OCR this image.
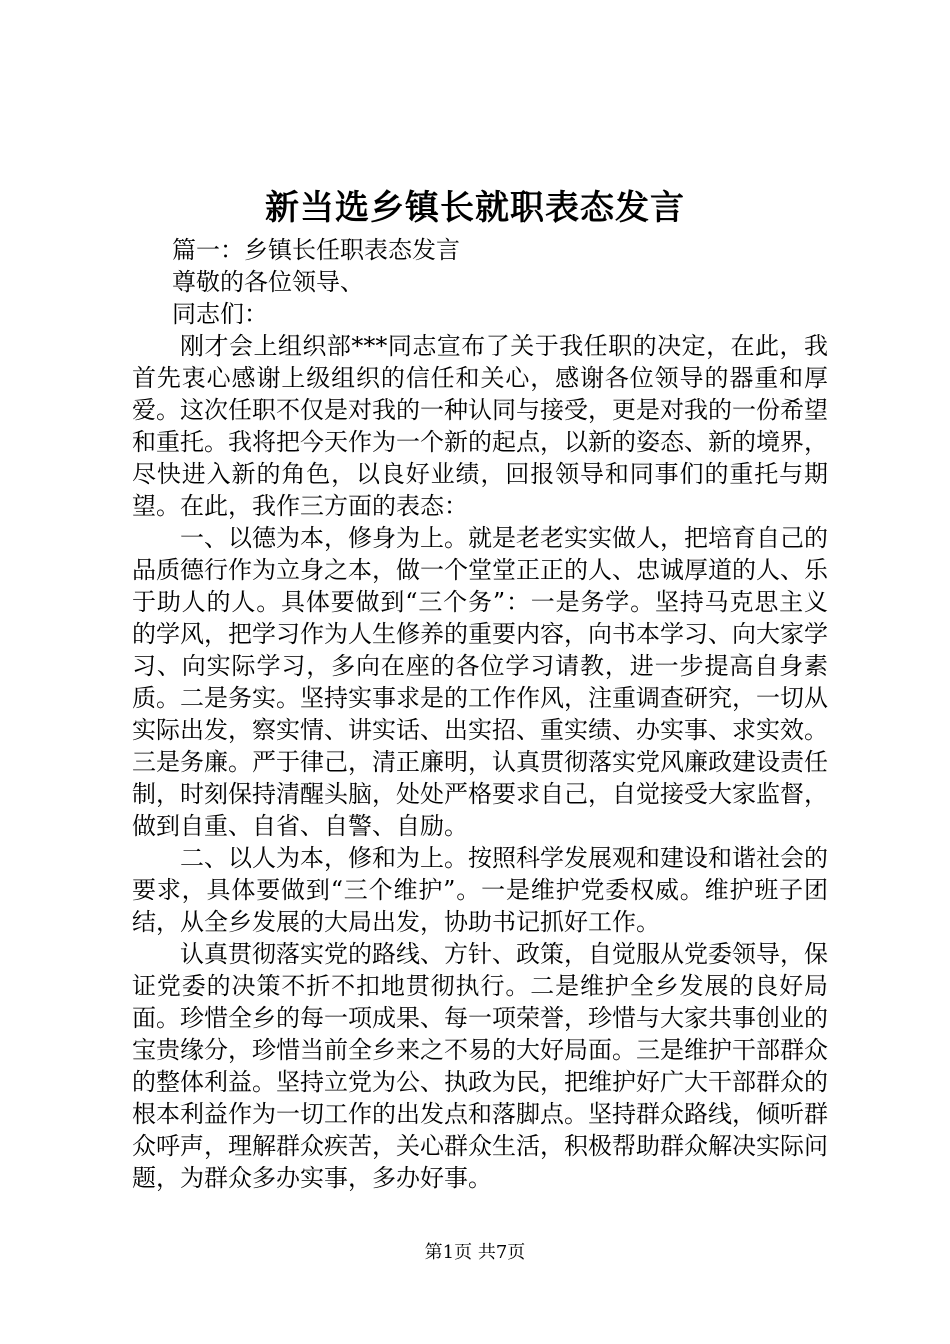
新当选乡镇长就职表态发言

篇一：乡镇长任职表态发言

尊敬的各位领导、

同志们：

刚才会上组织部***同志宣布了关于我任职的决定，在此，我首先衷心感谢上级组织的信任和关心，感谢各位领导的器重和厚爱。这次任职不仅是对我的一种认同与接受，更是对我的一份希望和重托。我将把今天作为一个新的起点，以新的姿态、新的境界，尽快进入新的角色，以良好业绩，回报领导和同事们的重托与期望。在此，我作三方面的表态：

一、以德为本，修身为上。就是老老实实做人，把培育自己的品质德行作为立身之本，做一个堂堂正正的人、忠诚厚道的人、乐于助人的人。具体要做到“三个务”：一是务学。坚持马克思主义的学风，把学习作为人生修养的重要内容，向书本学习、向大家学习、向实际学习，多向在座的各位学习请教，进一步提高自身素质。二是务实。坚持实事求是的工作作风，注重调查研究，一切从实际出发，察实情、讲实话、出实招、重实绩、办实事、求实效。三是务廉。严于律己，清正廉明，认真贯彻落实党风廉政建设责任制，时刻保持清醒头脑，处处严格要求自己，自觉接受大家监督，做到自重、自省、自警、自励。

二、以人为本，修和为上。按照科学发展观和建设和谐社会的要求，具体要做到“三个维护”。一是维护党委权威。维护班子团结，从全乡发展的大局出发，协助书记抓好工作。

认真贯彻落实党的路线、方针、政策，自觉服从党委领导，保证党委的决策不折不扣地贯彻执行。二是维护全乡发展的良好局面。珍惜全乡的每一项成果、每一项荣誉，珍惜与大家共事创业的宝贵缘分，珍惜当前全乡来之不易的大好局面。三是维护干部群众的整体利益。坚持立党为公、执政为民，把维护好广大干部群众的根本利益作为一切工作的出发点和落脚点。坚持群众路线，倾听群众呼声，理解群众疾苦，关心群众生活，积极帮助群众解决实际问题，为群众多办实事，多办好事。

第1页 共7页
